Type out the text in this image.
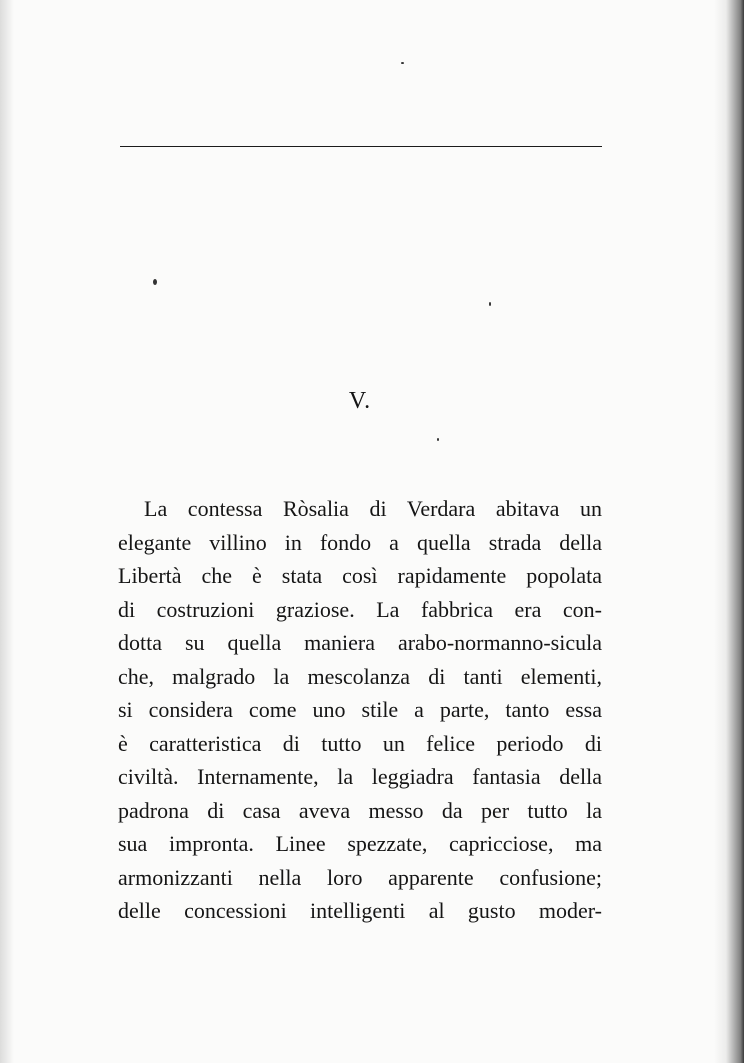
V.
La contessa Ròsalia di Verdara abitava un
elegante villino in fondo a quella strada della
Libertà che è stata così rapidamente popolata
di costruzioni graziose. La fabbrica era con-
dotta su quella maniera arabo-normanno-sicula
che, malgrado la mescolanza di tanti elementi,
si considera come uno stile a parte, tanto essa
è caratteristica di tutto un felice periodo di
civiltà. Internamente, la leggiadra fantasia della
padrona di casa aveva messo da per tutto la
sua impronta. Linee spezzate, capricciose, ma
armonizzanti nella loro apparente confusione;
delle concessioni intelligenti al gusto moder-
